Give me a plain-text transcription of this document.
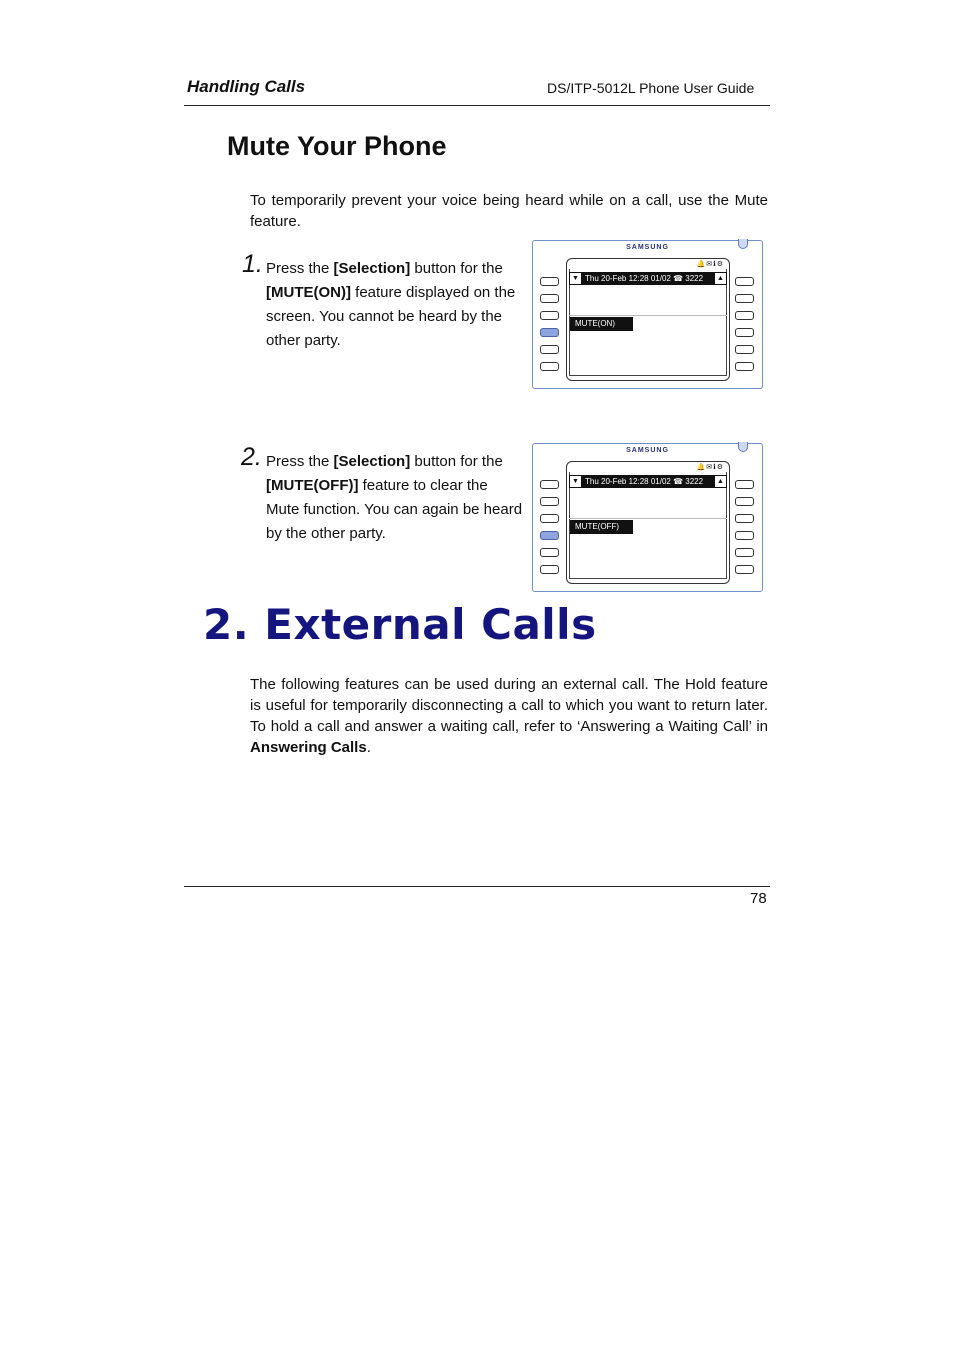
Handling Calls	DS/ITP-5012L Phone User Guide
Mute Your Phone
To temporarily prevent your voice being heard while on a call, use the Mute feature.
1. Press the [Selection] button for the [MUTE(ON)] feature displayed on the screen. You cannot be heard by the other party.
SAMSUNG
🔔✉ℹ⚙
▼ Thu 20-Feb 12:28 01/02 ☎ 3222 ▲
MUTE(ON)
2. Press the [Selection] button for the [MUTE(OFF)] feature to clear the Mute function. You can again be heard by the other party.
SAMSUNG
🔔✉ℹ⚙
▼ Thu 20-Feb 12:28 01/02 ☎ 3222 ▲
MUTE(OFF)
2. External Calls
The following features can be used during an external call. The Hold feature is useful for temporarily disconnecting a call to which you want to return later. To hold a call and answer a waiting call, refer to ‘Answering a Waiting Call’ in Answering Calls.
78
